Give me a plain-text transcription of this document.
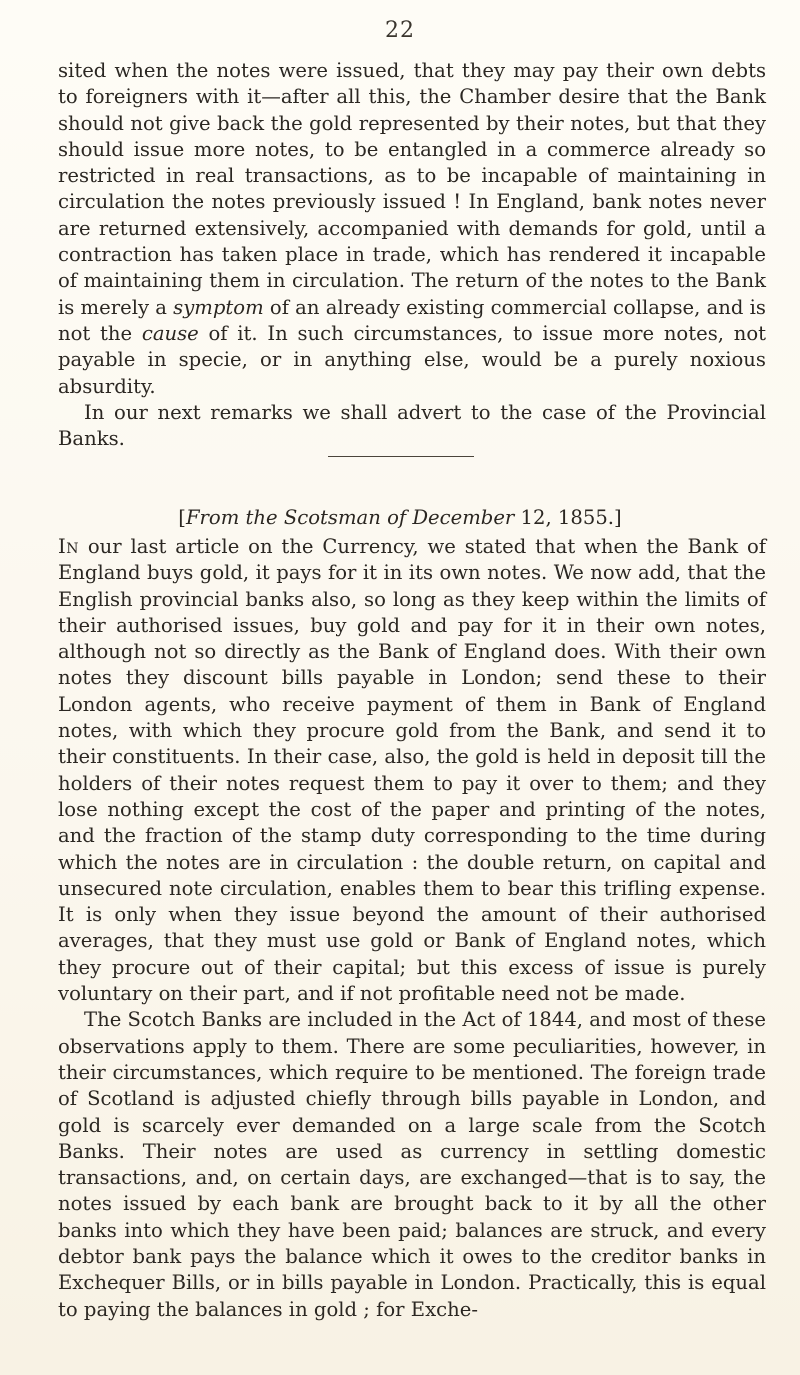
22

sited when the notes were issued, that they may pay their own debts to foreigners with it—after all this, the Chamber desire that the Bank should not give back the gold represented by their notes, but that they should issue more notes, to be entangled in a commerce already so restricted in real transactions, as to be incapable of maintaining in circulation the notes previously issued ! In England, bank notes never are returned extensively, accompanied with demands for gold, until a contraction has taken place in trade, which has rendered it incapable of maintaining them in circulation. The return of the notes to the Bank is merely a symptom of an already existing commercial collapse, and is not the cause of it. In such circumstances, to issue more notes, not payable in specie, or in anything else, would be a purely noxious absurdity.

In our next remarks we shall advert to the case of the Provincial Banks.

[From the Scotsman of December 12, 1855.]

In our last article on the Currency, we stated that when the Bank of England buys gold, it pays for it in its own notes. We now add, that the English provincial banks also, so long as they keep within the limits of their authorised issues, buy gold and pay for it in their own notes, although not so directly as the Bank of England does. With their own notes they discount bills payable in London; send these to their London agents, who receive payment of them in Bank of England notes, with which they procure gold from the Bank, and send it to their constituents. In their case, also, the gold is held in deposit till the holders of their notes request them to pay it over to them; and they lose nothing except the cost of the paper and printing of the notes, and the fraction of the stamp duty corresponding to the time during which the notes are in circulation : the double return, on capital and unsecured note circulation, enables them to bear this trifling expense. It is only when they issue beyond the amount of their authorised averages, that they must use gold or Bank of England notes, which they procure out of their capital; but this excess of issue is purely voluntary on their part, and if not profitable need not be made.

The Scotch Banks are included in the Act of 1844, and most of these observations apply to them. There are some peculiarities, however, in their circumstances, which require to be mentioned. The foreign trade of Scotland is adjusted chiefly through bills payable in London, and gold is scarcely ever demanded on a large scale from the Scotch Banks. Their notes are used as currency in settling domestic transactions, and, on certain days, are exchanged—that is to say, the notes issued by each bank are brought back to it by all the other banks into which they have been paid; balances are struck, and every debtor bank pays the balance which it owes to the creditor banks in Exchequer Bills, or in bills payable in London. Practically, this is equal to paying the balances in gold ; for Exche-
